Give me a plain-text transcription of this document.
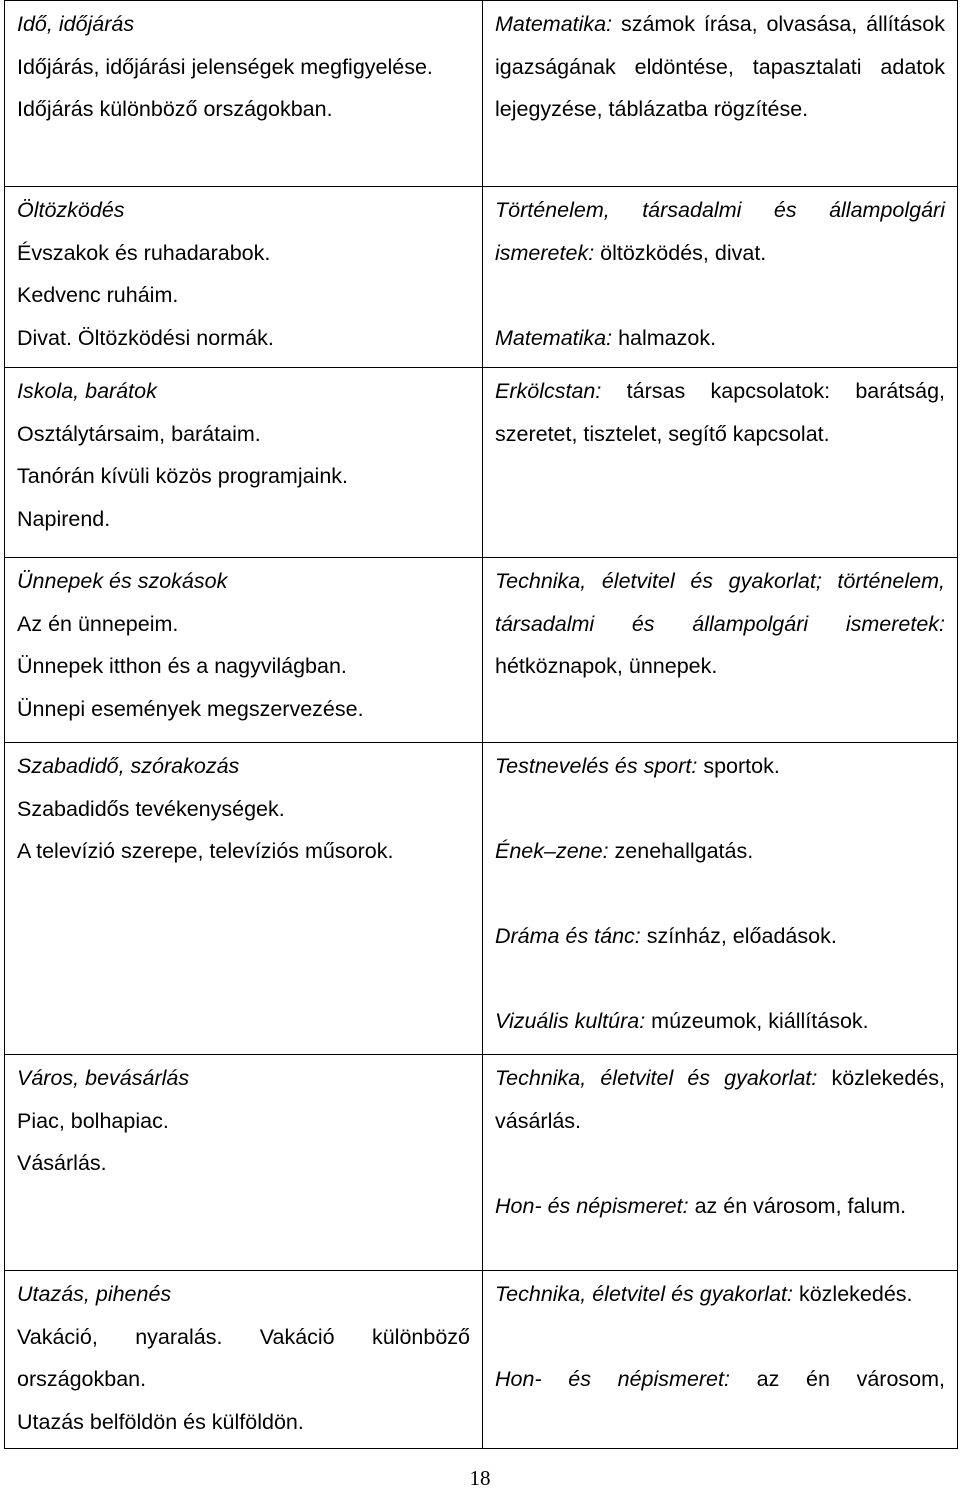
Idő, időjárás
Időjárás, időjárási jelenségek megfigyelése.
Időjárás különböző országokban.	Matematika: számok írása, olvasása, állítások igazságának eldöntése, tapasztalati adatok lejegyzése, táblázatba rögzítése.

Öltözködés
Évszakok és ruhadarabok.
Kedvenc ruháim.
Divat. Öltözködési normák.	Történelem, társadalmi és állampolgári ismeretek: öltözködés, divat.
Matematika: halmazok.

Iskola, barátok
Osztálytársaim, barátaim.
Tanórán kívüli közös programjaink.
Napirend.	Erkölcstan: társas kapcsolatok: barátság, szeretet, tisztelet, segítő kapcsolat.

Ünnepek és szokások
Az én ünnepeim.
Ünnepek itthon és a nagyvilágban.
Ünnepi események megszervezése.	Technika, életvitel és gyakorlat; történelem, társadalmi és állampolgári ismeretek: hétköznapok, ünnepek.

Szabadidő, szórakozás
Szabadidős tevékenységek.
A televízió szerepe, televíziós műsorok.	Testnevelés és sport: sportok.
Ének–zene: zenehallgatás.
Dráma és tánc: színház, előadások.
Vizuális kultúra: múzeumok, kiállítások.

Város, bevásárlás
Piac, bolhapiac.
Vásárlás.	Technika, életvitel és gyakorlat: közlekedés, vásárlás.
Hon- és népismeret: az én városom, falum.

Utazás, pihenés
Vakáció, nyaralás. Vakáció különböző országokban.
Utazás belföldön és külföldön.	Technika, életvitel és gyakorlat: közlekedés.
Hon- és népismeret: az én városom,
18
